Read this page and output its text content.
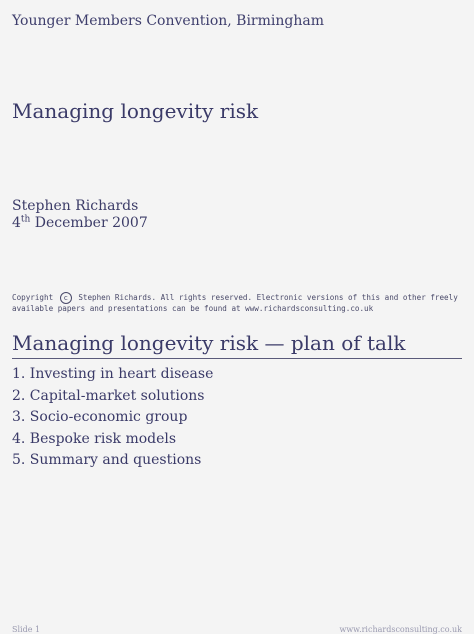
Younger Members Convention, Birmingham
Managing longevity risk
Stephen Richards
4th December 2007
Copyright c Stephen Richards. All rights reserved. Electronic versions of this and other freely available papers and presentations can be found at www.richardsconsulting.co.uk
Managing longevity risk — plan of talk
1. Investing in heart disease
2. Capital-market solutions
3. Socio-economic group
4. Bespoke risk models
5. Summary and questions
Slide 1	www.richardsconsulting.co.uk
